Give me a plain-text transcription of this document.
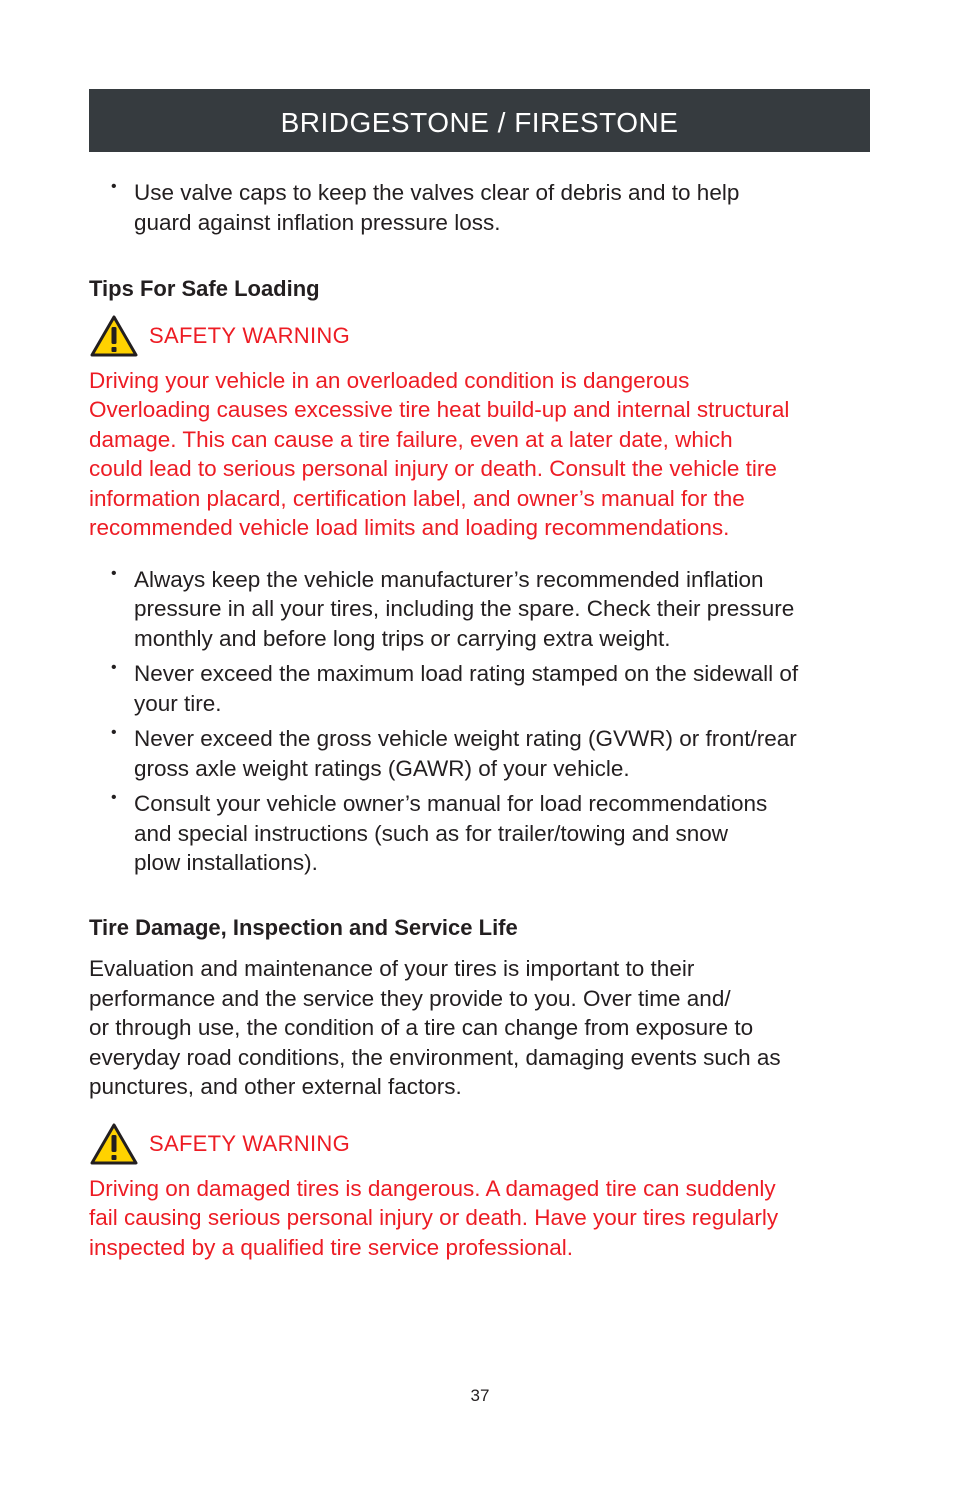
BRIDGESTONE / FIRESTONE
• Use valve caps to keep the valves clear of debris and to help

guard against inflation pressure loss.

Tips For Safe Loading

SAFETY WARNING

Driving your vehicle in an overloaded condition is dangerous

Overloading causes excessive tire heat build-up and internal structural

damage. This can cause a tire failure, even at a later date, which

could lead to serious personal injury or death. Consult the vehicle tire

information placard, certification label, and owner’s manual for the

recommended vehicle load limits and loading recommendations.

• Always keep the vehicle manufacturer’s recommended inflation

pressure in all your tires, including the spare. Check their pressure

monthly and before long trips or carrying extra weight.

• Never exceed the maximum load rating stamped on the sidewall of

your tire.

• Never exceed the gross vehicle weight rating (GVWR) or front/rear

gross axle weight ratings (GAWR) of your vehicle.

• Consult your vehicle owner’s manual for load recommendations

and special instructions (such as for trailer/towing and snow

plow installations).

Tire Damage, Inspection and Service Life

Evaluation and maintenance of your tires is important to their

performance and the service they provide to you. Over time and/

or through use, the condition of a tire can change from exposure to

everyday road conditions, the environment, damaging events such as

punctures, and other external factors.

SAFETY WARNING

Driving on damaged tires is dangerous. A damaged tire can suddenly

fail causing serious personal injury or death. Have your tires regularly

inspected by a qualified tire service professional.

37
